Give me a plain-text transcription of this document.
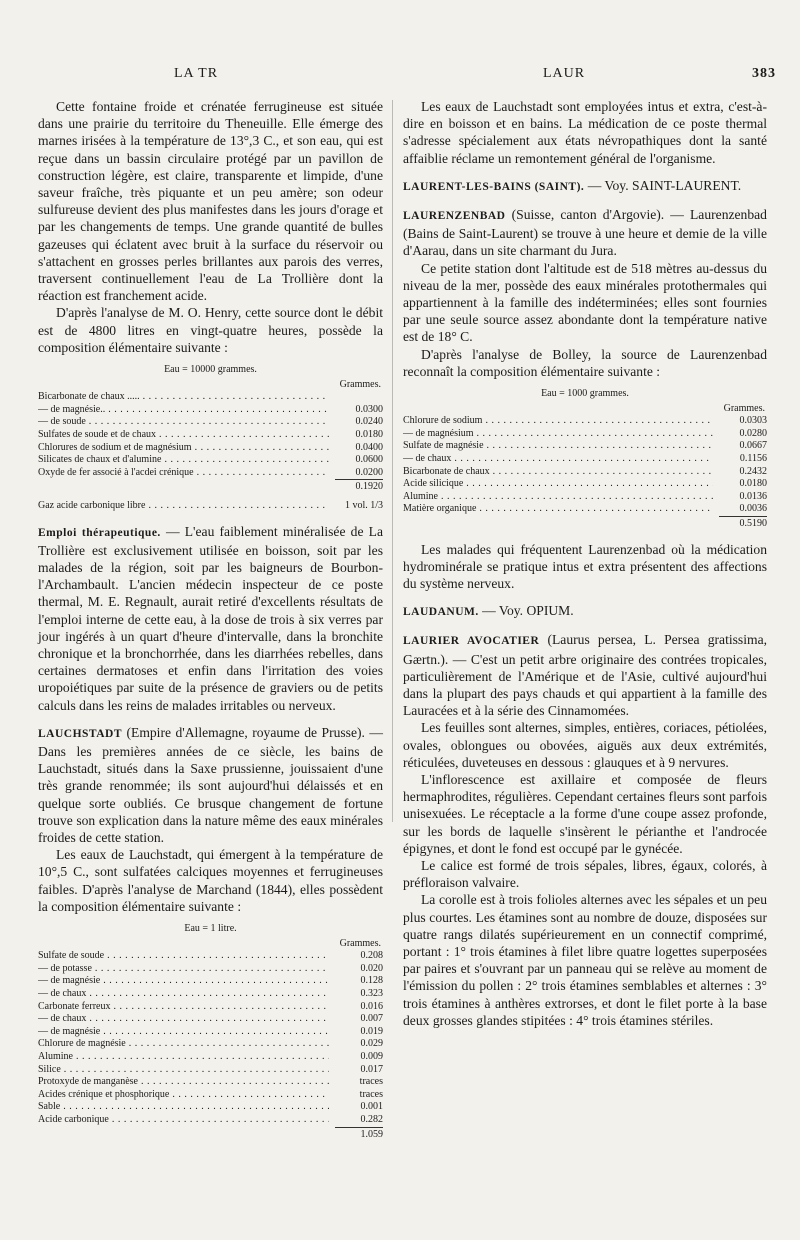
LA TR	LAUR	383

Cette fontaine froide et crénatée ferrugineuse est située dans une prairie du territoire du Theneuille. Elle émerge des marnes irisées à la température de 13°,3 C., et son eau, qui est reçue dans un bassin circulaire protégé par un pavillon de construction légère, est claire, transparente et limpide, d'une saveur fraîche, très piquante et un peu amère; son odeur sulfureuse devient des plus manifestes dans les jours d'orage et par les changements de temps. Une grande quantité de bulles gazeuses qui éclatent avec bruit à la surface du réservoir ou s'attachent en grosses perles brillantes aux parois des verres, traversent continuellement l'eau de La Trollière dont la réaction est franchement acide.

D'après l'analyse de M. O. Henry, cette source dont le débit est de 4800 litres en vingt-quatre heures, possède la composition élémentaire suivante :

Eau = 10000 grammes.
Grammes.
Bicarbonate de chaux ..... . . .
— de magnésie.. . . .	0.0300
— de soude . . .	0.0240
Sulfates de soude et de chaux . . .	0.0180
Chlorures de sodium et de magnésium . . .	0.0400
Silicates de chaux et d'alumine . . .	0.0600
Oxyde de fer associé à l'acdei crénique . . .	0.0200
0.1920
Gaz acide carbonique libre . . .	1 vol. 1/3

Emploi thérapeutique. — L'eau faiblement minéralisée de La Trollière est exclusivement utilisée en boisson, soit par les malades de la région, soit par les baigneurs de Bourbon-l'Archambault. L'ancien médecin inspecteur de ce poste thermal, M. E. Regnault, aurait retiré d'excellents résultats de l'emploi interne de cette eau, à la dose de trois à six verres par jour ingérés à un quart d'heure d'intervalle, dans la bronchite chronique et la bronchorrhée, dans les diarrhées rebelles, dans certaines dermatoses et enfin dans l'irritation des voies uropoiétiques par suite de la présence de graviers ou de petits calculs dans les reins de malades irritables ou nerveux.

LAUCHSTADT (Empire d'Allemagne, royaume de Prusse). — Dans les premières années de ce siècle, les bains de Lauchstadt, situés dans la Saxe prussienne, jouissaient d'une très grande renommée; ils sont aujourd'hui délaissés et en quelque sorte oubliés. Ce brusque changement de fortune trouve son explication dans la nature même des eaux minérales froides de cette station.

Les eaux de Lauchstadt, qui émergent à la température de 10°,5 C., sont sulfatées calciques moyennes et ferrugineuses faibles. D'après l'analyse de Marchand (1844), elles possèdent la composition élémentaire suivante :

Eau = 1 litre.
Grammes.
Sulfate de soude . . .	0.208
— de potasse . . .	0.020
— de magnésie . . .	0.128
— de chaux . . .	0.323
Carbonate ferreux . . .	0.016
— de chaux . . .	0.007
— de magnésie . . .	0.019
Chlorure de magnésie . . .	0.029
Alumine . . .	0.009
Silice . . .	0.017
Protoxyde de manganèse . . .	traces
Acides crénique et phosphorique . . .	traces
Sable . . .	0.001
Acide carbonique . . .	0.282
1.059

Les eaux de Lauchstadt sont employées intus et extra, c'est-à-dire en boisson et en bains. La médication de ce poste thermal s'adresse spécialement aux états névropathiques dont la santé affaiblie réclame un remontement général de l'organisme.

LAURENT-LES-BAINS (SAINT). — Voy. SAINT-LAURENT.

LAURENZENBAD (Suisse, canton d'Argovie). — Laurenzenbad (Bains de Saint-Laurent) se trouve à une heure et demie de la ville d'Aarau, dans un site charmant du Jura.

Ce petite station dont l'altitude est de 518 mètres au-dessus du niveau de la mer, possède des eaux minérales protothermales qui appartiennent à la famille des indéterminées; elles sont fournies par une seule source assez abondante dont la température native est de 18° C.

D'après l'analyse de Bolley, la source de Laurenzenbad reconnaît la composition élémentaire suivante :

Eau = 1000 grammes.
Grammes.
Chlorure de sodium . . .	0.0303
— de magnésium . . .	0.0280
Sulfate de magnésie . . .	0.0667
— de chaux . . .	0.1156
Bicarbonate de chaux . . .	0.2432
Acide silicique . . .	0.0180
Alumine . . .	0.0136
Matière organique . . .	0.0036
0.5190

Les malades qui fréquentent Laurenzenbad où la médication hydrominérale se pratique intus et extra présentent des affections du système nerveux.

LAUDANUM. — Voy. OPIUM.

LAURIER AVOCATIER (Laurus persea, L. Persea gratissima, Gærtn.). — C'est un petit arbre originaire des contrées tropicales, particulièrement de l'Amérique et de l'Asie, cultivé aujourd'hui dans la plupart des pays chauds et qui appartient à la famille des Lauracées et à la série des Cinnamomées.

Les feuilles sont alternes, simples, entières, coriaces, pétiolées, ovales, oblongues ou obovées, aiguës aux deux extrémités, réticulées, duveteuses en dessous : glauques et à 9 nervures.

L'inflorescence est axillaire et composée de fleurs hermaphrodites, régulières. Cependant certaines fleurs sont parfois unisexuées. Le réceptacle a la forme d'une coupe assez profonde, sur les bords de laquelle s'insèrent le périanthe et l'androcée épigynes, et dont le fond est occupé par le gynécée.

Le calice est formé de trois sépales, libres, égaux, colorés, à préfloraison valvaire.

La corolle est à trois folioles alternes avec les sépales et un peu plus courtes. Les étamines sont au nombre de douze, disposées sur quatre rangs dilatés supérieurement en un connectif comprimé, portant : 1° trois étamines à filet libre quatre logettes superposées par paires et s'ouvrant par un panneau qui se relève au moment de l'émission du pollen : 2° trois étamines semblables et alternes : 3° trois étamines à anthères extrorses, et dont le filet porte à la base deux grosses glandes stipitées : 4° trois étamines stériles.
